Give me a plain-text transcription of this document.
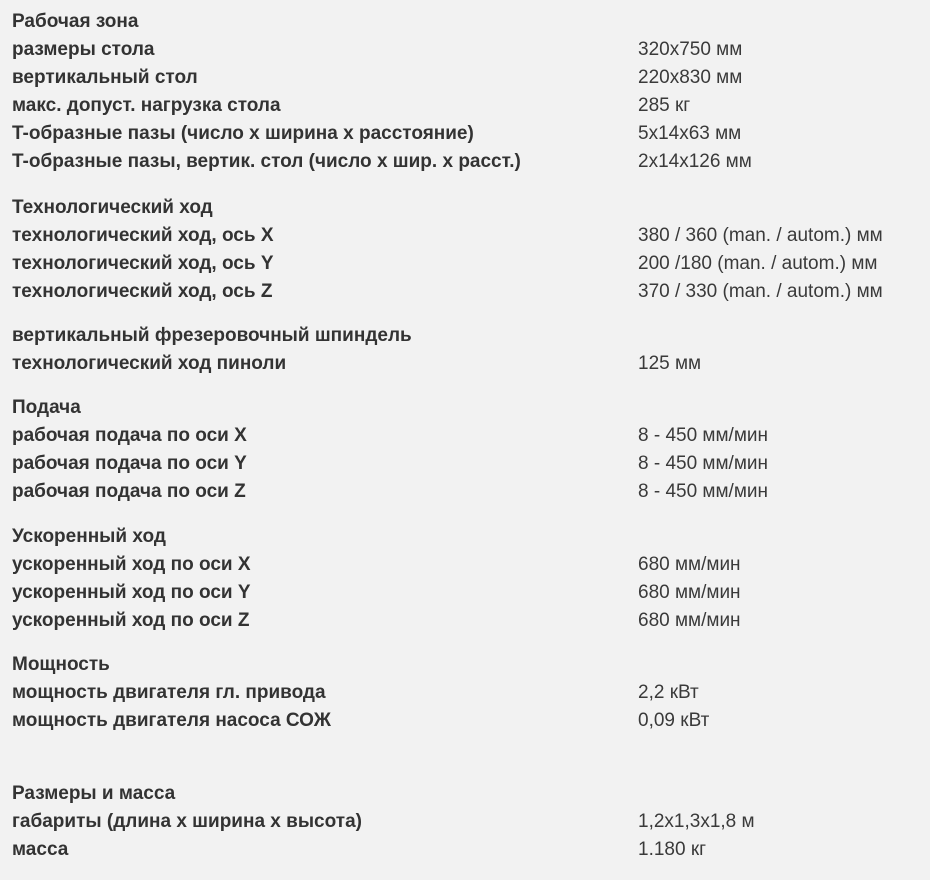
Рабочая зона
размеры стола	320x750 мм
вертикальный стол	220x830 мм
макс. допуст. нагрузка стола	285 кг
T-образные пазы (число x ширина x расстояние)	5x14x63 мм
T-образные пазы, вертик. стол (число x шир. x расст.)	2x14x126 мм
Технологический ход
технологический ход, ось X	380 / 360 (man. / autom.) мм
технологический ход, ось Y	200 /180 (man. / autom.) мм
технологический ход, ось Z	370 / 330 (man. / autom.) мм
вертикальный фрезеровочный шпиндель
технологический ход пиноли	125 мм
Подача
рабочая подача по оси X	8 - 450 мм/мин
рабочая подача по оси Y	8 - 450 мм/мин
рабочая подача по оси Z	8 - 450 мм/мин
Ускоренный ход
ускоренный ход по оси X	680 мм/мин
ускоренный ход по оси Y	680 мм/мин
ускоренный ход по оси Z	680 мм/мин
Мощность
мощность двигателя гл. привода	2,2 кВт
мощность двигателя насоса СОЖ	0,09 кВт
Размеры и масса
габариты (длина x ширина x высота)	1,2x1,3x1,8 м
масса	1.180 кг
